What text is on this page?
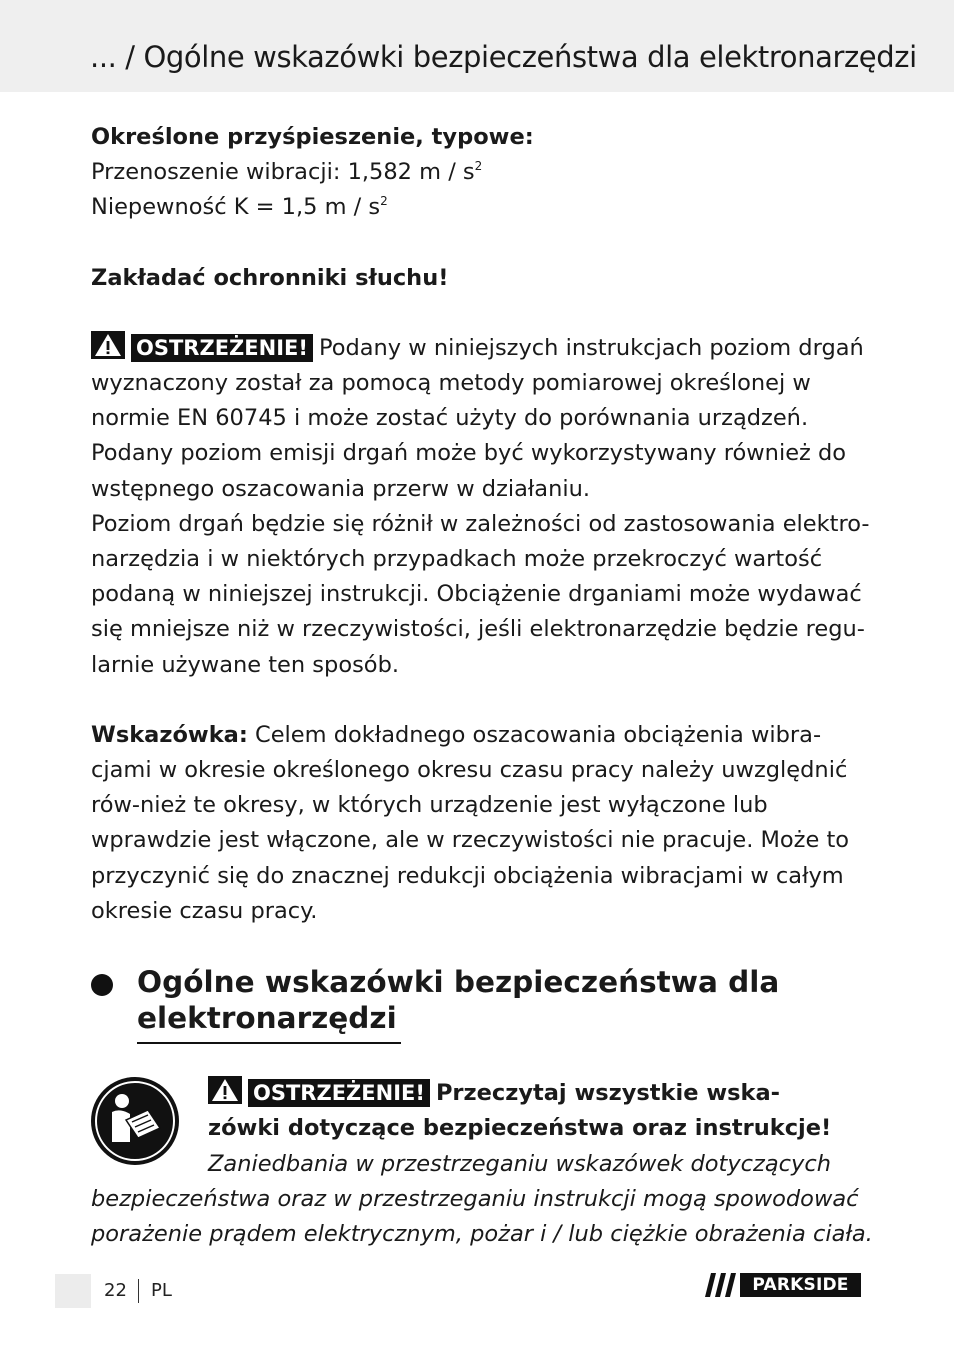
... / Ogólne wskazówki bezpieczeństwa dla elektronarzędzi

Określone przyśpieszenie, typowe:

Przenoszenie wibracji: 1,582 m / $s^2$

Niepewność K = 1,5 m / $s^2$

Zakładać ochronniki słuchu!

OSTRZEŻENIE! Podany w niniejszych instrukcjach poziom drgań wyznaczony został za pomocą metody pomiarowej określonej w normie EN 60745 i może zostać użyty do porównania urządzeń. Podany poziom emisji drgań może być wykorzystywany również do wstępnego oszacowania przerw w działaniu.

Poziom drgań będzie się różnił w zależności od zastosowania elektro-narzędzia i w niektórych przypadkach może przekroczyć wartość podaną w niniejszej instrukcji. Obciążenie drganiami może wydawać się mniejsze niż w rzeczywistości, jeśli elektronarzędzie będzie regu-larnie używane ten sposób.

Wskazówka: Celem dokładnego oszacowania obciążenia wibra-cjami w okresie określonego okresu czasu pracy należy uwzględnić rów-nież te okresy, w których urządzenie jest wyłączone lub wprawdzie jest włączone, ale w rzeczywistości nie pracuje. Może to przyczynić się do znacznej redukcji obciążenia wibracjami w całym okresie czasu pracy.

Ogólne wskazówki bezpieczeństwa dla
elektronarzędzi
OSTRZEŻENIE! Przeczytaj wszystkie wska-
zówki dotyczące bezpieczeństwa oraz instrukcje!
Zaniedbania w przestrzeganiu wskazówek dotyczących
bezpieczeństwa oraz w przestrzeganiu instrukcji mogą spowodować porażenie prądem elektrycznym, pożar i / lub ciężkie obrażenia ciała.
22 PL	PARKSIDE
